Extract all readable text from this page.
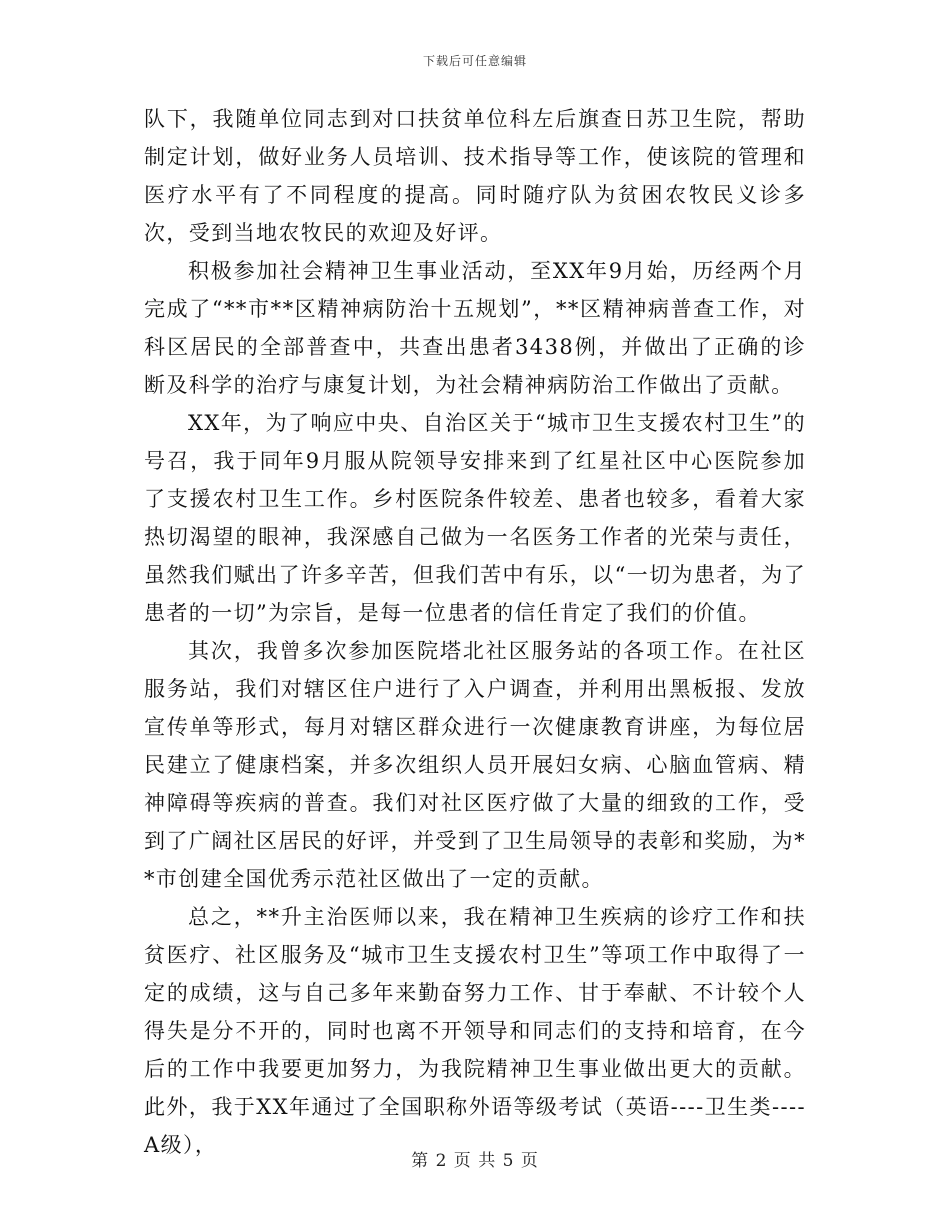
下载后可任意编辑

队下，我随单位同志到对口扶贫单位科左后旗查日苏卫生院，帮助制定计划，做好业务人员培训、技术指导等工作，使该院的管理和医疗水平有了不同程度的提高。同时随疗队为贫困农牧民义诊多次，受到当地农牧民的欢迎及好评。

积极参加社会精神卫生事业活动，至XX年9月始，历经两个月完成了“**市**区精神病防治十五规划”，**区精神病普查工作，对科区居民的全部普查中，共查出患者3438例，并做出了正确的诊断及科学的治疗与康复计划，为社会精神病防治工作做出了贡献。

XX年，为了响应中央、自治区关于“城市卫生支援农村卫生”的号召，我于同年9月服从院领导安排来到了红星社区中心医院参加了支援农村卫生工作。乡村医院条件较差、患者也较多，看着大家热切渴望的眼神，我深感自己做为一名医务工作者的光荣与责任，虽然我们赋出了许多辛苦，但我们苦中有乐，以“一切为患者，为了患者的一切”为宗旨，是每一位患者的信任肯定了我们的价值。

其次，我曾多次参加医院塔北社区服务站的各项工作。在社区服务站，我们对辖区住户进行了入户调查，并利用出黑板报、发放宣传单等形式，每月对辖区群众进行一次健康教育讲座，为每位居民建立了健康档案，并多次组织人员开展妇女病、心脑血管病、精神障碍等疾病的普查。我们对社区医疗做了大量的细致的工作，受到了广阔社区居民的好评，并受到了卫生局领导的表彰和奖励，为**市创建全国优秀示范社区做出了一定的贡献。

总之，**升主治医师以来，我在精神卫生疾病的诊疗工作和扶贫医疗、社区服务及“城市卫生支援农村卫生”等项工作中取得了一定的成绩，这与自己多年来勤奋努力工作、甘于奉献、不计较个人得失是分不开的，同时也离不开领导和同志们的支持和培育，在今后的工作中我要更加努力，为我院精神卫生事业做出更大的贡献。此外，我于XX年通过了全国职称外语等级考试（英语----卫生类----A级），

第 2 页 共 5 页
